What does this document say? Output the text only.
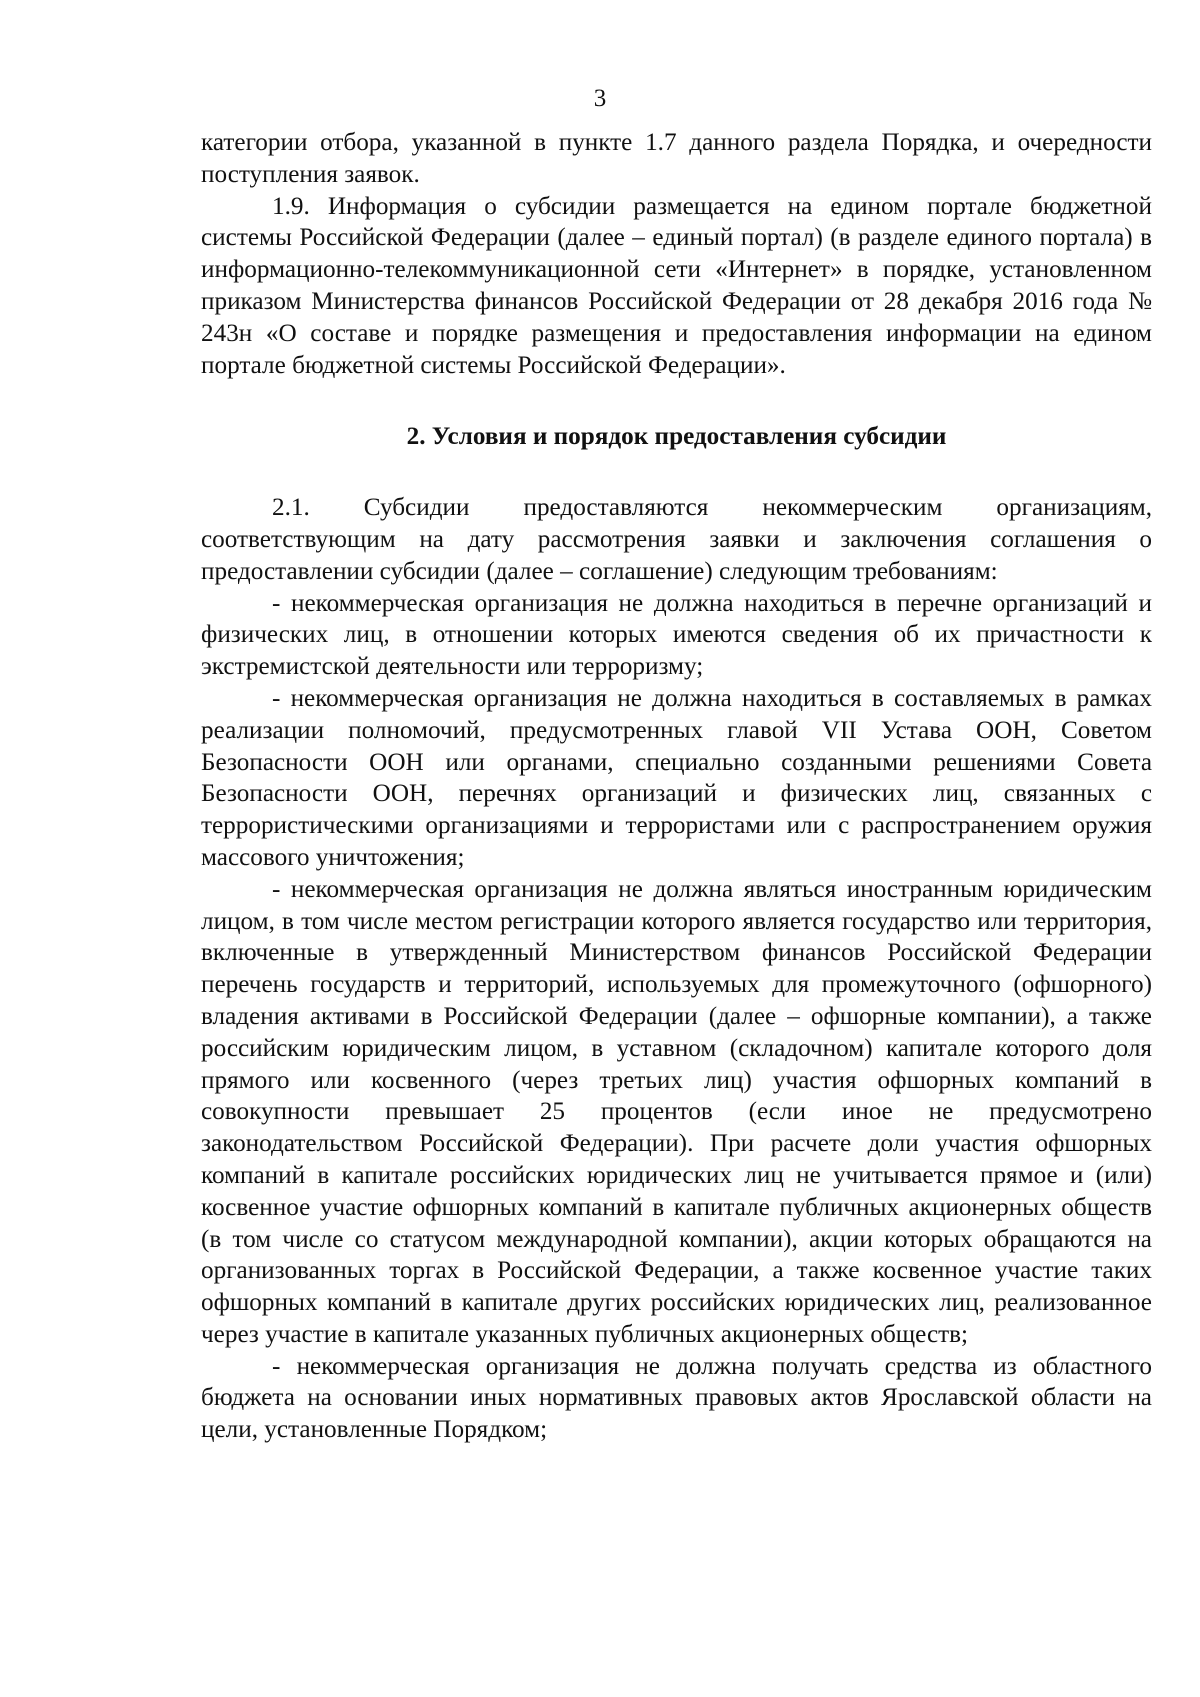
3

категории отбора, указанной в пункте 1.7 данного раздела Порядка, и очередности поступления заявок.

1.9. Информация о субсидии размещается на едином портале бюджетной системы Российской Федерации (далее – единый портал) (в разделе единого портала) в информационно-телекоммуникационной сети «Интернет» в порядке, установленном приказом Министерства финансов Российской Федерации от 28 декабря 2016 года № 243н «О составе и порядке размещения и предоставления информации на едином портале бюджетной системы Российской Федерации».

2. Условия и порядок предоставления субсидии

2.1. Субсидии предоставляются некоммерческим организациям, соответствующим на дату рассмотрения заявки и заключения соглашения о предоставлении субсидии (далее – соглашение) следующим требованиям:

- некоммерческая организация не должна находиться в перечне организаций и физических лиц, в отношении которых имеются сведения об их причастности к экстремистской деятельности или терроризму;

- некоммерческая организация не должна находиться в составляемых в рамках реализации полномочий, предусмотренных главой VII Устава ООН, Советом Безопасности ООН или органами, специально созданными решениями Совета Безопасности ООН, перечнях организаций и физических лиц, связанных с террористическими организациями и террористами или с распространением оружия массового уничтожения;

- некоммерческая организация не должна являться иностранным юридическим лицом, в том числе местом регистрации которого является государство или территория, включенные в утвержденный Министерством финансов Российской Федерации перечень государств и территорий, используемых для промежуточного (офшорного) владения активами в Российской Федерации (далее – офшорные компании), а также российским юридическим лицом, в уставном (складочном) капитале которого доля прямого или косвенного (через третьих лиц) участия офшорных компаний в совокупности превышает 25 процентов (если иное не предусмотрено законодательством Российской Федерации). При расчете доли участия офшорных компаний в капитале российских юридических лиц не учитывается прямое и (или) косвенное участие офшорных компаний в капитале публичных акционерных обществ (в том числе со статусом международной компании), акции которых обращаются на организованных торгах в Российской Федерации, а также косвенное участие таких офшорных компаний в капитале других российских юридических лиц, реализованное через участие в капитале указанных публичных акционерных обществ;

- некоммерческая организация не должна получать средства из областного бюджета на основании иных нормативных правовых актов Ярославской области на цели, установленные Порядком;
